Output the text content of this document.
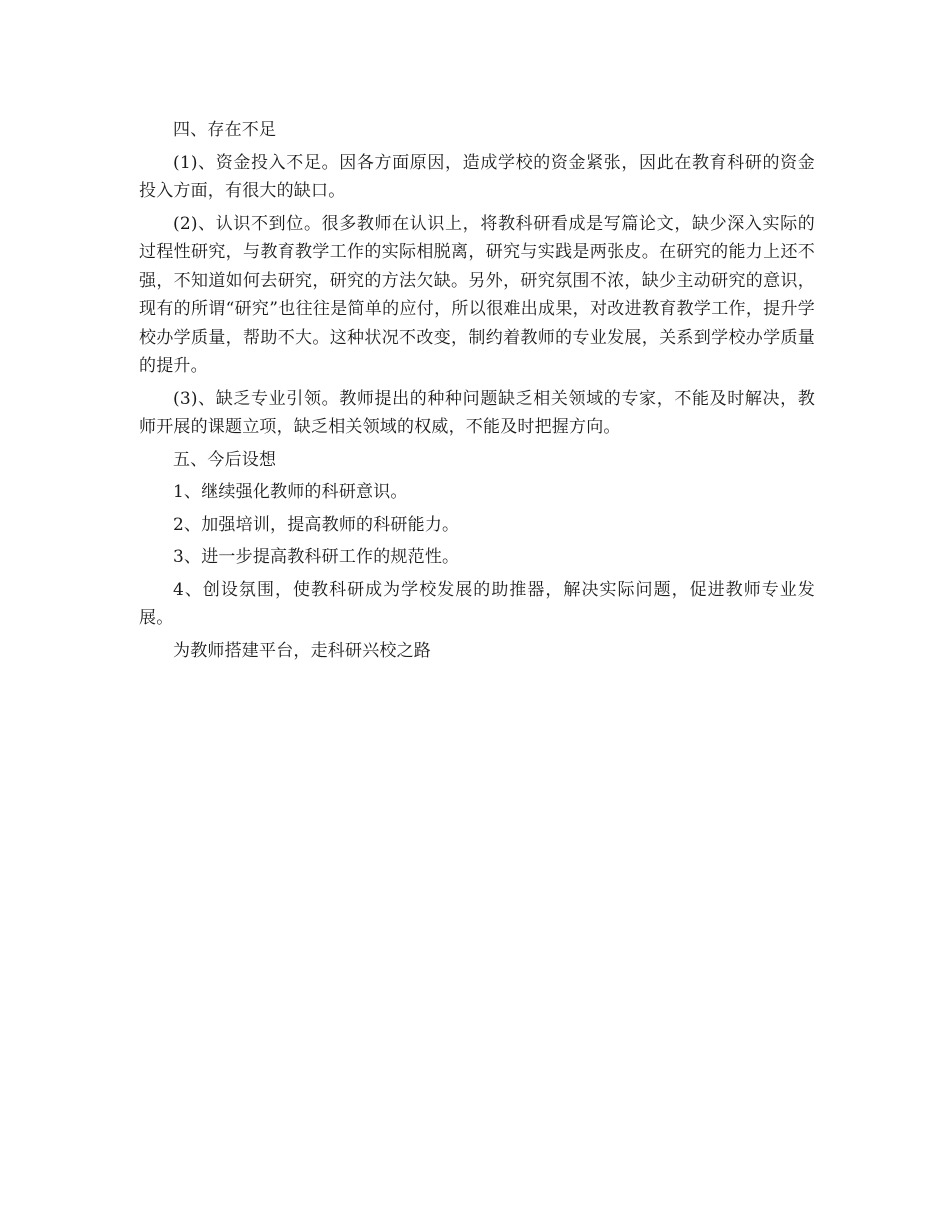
四、存在不足

(1)、资金投入不足。因各方面原因，造成学校的资金紧张，因此在教育科研的资金投入方面，有很大的缺口。

(2)、认识不到位。很多教师在认识上，将教科研看成是写篇论文，缺少深入实际的过程性研究，与教育教学工作的实际相脱离，研究与实践是两张皮。在研究的能力上还不强，不知道如何去研究，研究的方法欠缺。另外，研究氛围不浓，缺少主动研究的意识，现有的所谓“研究”也往往是简单的应付，所以很难出成果，对改进教育教学工作，提升学校办学质量，帮助不大。这种状况不改变，制约着教师的专业发展，关系到学校办学质量的提升。

(3)、缺乏专业引领。教师提出的种种问题缺乏相关领域的专家，不能及时解决，教师开展的课题立项，缺乏相关领域的权威，不能及时把握方向。

五、今后设想

1、继续强化教师的科研意识。

2、加强培训，提高教师的科研能力。

3、进一步提高教科研工作的规范性。

4、创设氛围，使教科研成为学校发展的助推器，解决实际问题，促进教师专业发展。

为教师搭建平台，走科研兴校之路
